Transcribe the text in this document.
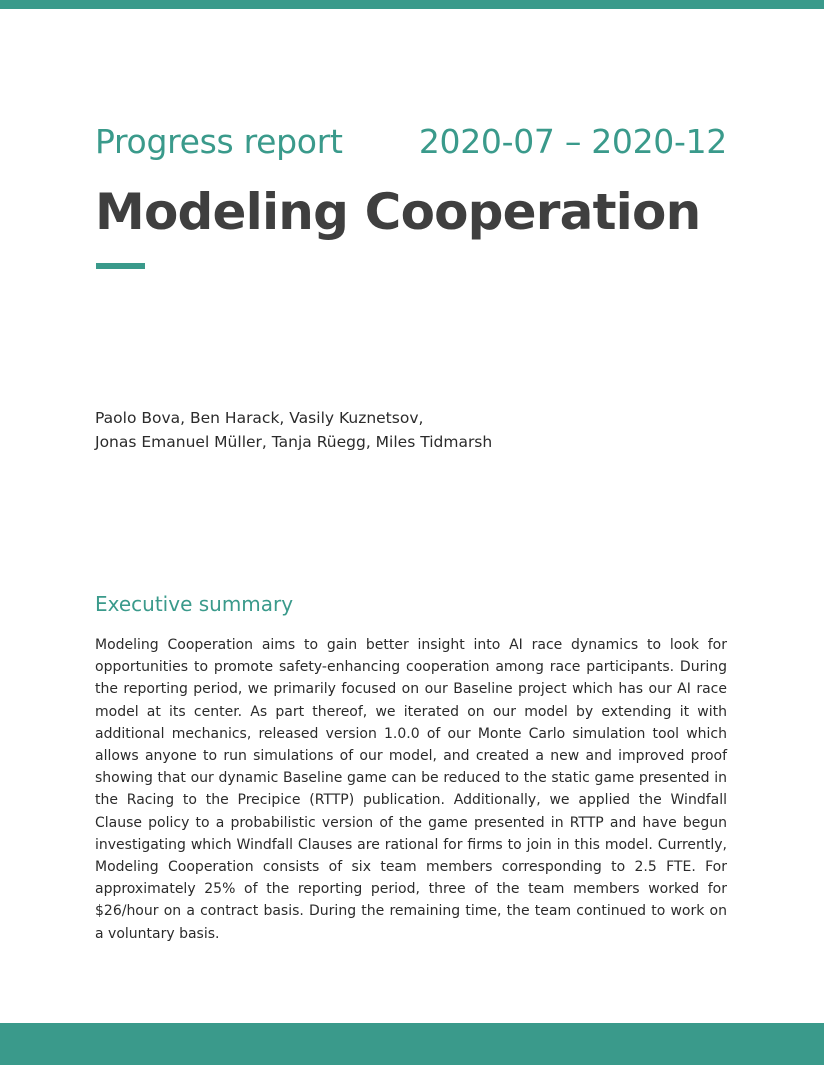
Progress report 2020-07 – 2020-12
Modeling Cooperation
Paolo Bova, Ben Harack, Vasily Kuznetsov,
Jonas Emanuel Müller, Tanja Rüegg, Miles Tidmarsh
Executive summary
Modeling Cooperation aims to gain better insight into AI race dynamics to look for opportunities to promote safety-enhancing cooperation among race participants. During the reporting period, we primarily focused on our Baseline project which has our AI race model at its center. As part thereof, we iterated on our model by extending it with additional mechanics, released version 1.0.0 of our Monte Carlo simulation tool which allows anyone to run simulations of our model, and created a new and improved proof showing that our dynamic Baseline game can be reduced to the static game presented in the Racing to the Precipice (RTTP) publication. Additionally, we applied the Windfall Clause policy to a probabilistic version of the game presented in RTTP and have begun investigating which Windfall Clauses are rational for firms to join in this model. Currently, Modeling Cooperation consists of six team members corresponding to 2.5 FTE. For approximately 25% of the reporting period, three of the team members worked for $26/hour on a contract basis. During the remaining time, the team continued to work on a voluntary basis.
